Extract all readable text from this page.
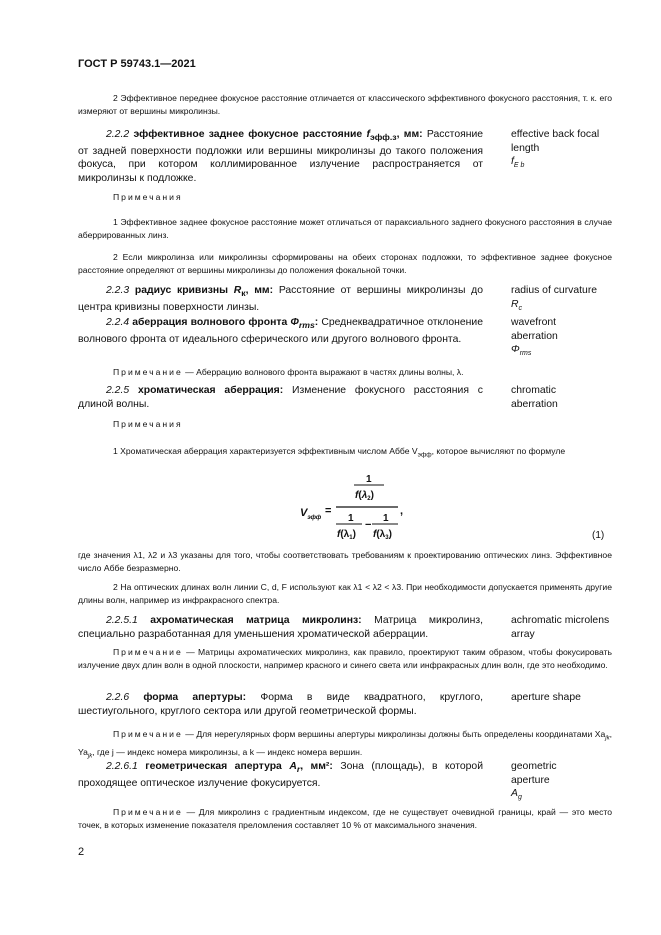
ГОСТ Р 59743.1—2021
2 Эффективное переднее фокусное расстояние отличается от классического эффективного фокусного расстояния, т. к. его измеряют от вершины микролинзы.
2.2.2 эффективное заднее фокусное расстояние $f_{эфф.з}$, мм: Расстояние от задней поверхности подложки или вершины микролинзы до такого положения фокуса, при котором коллимированное излучение распространяется от микролинзы к подложке.
effective back focal length
$f_{E b}$
Примечания
1 Эффективное заднее фокусное расстояние может отличаться от параксиального заднего фокусного расстояния в случае аберрированных линз.
2 Если микролинза или микролинзы сформированы на обеих сторонах подложки, то эффективное заднее фокусное расстояние определяют от вершины микролинзы до положения фокальной точки.
2.2.3 радиус кривизны $R_к$, мм: Расстояние от вершины микролинзы до центра кривизны поверхности линзы.
radius of curvature
$R_c$
2.2.4 аберрация волнового фронта $\Phi_{rms}$: Среднеквадратичное отклонение волнового фронта от идеального сферического или другого волнового фронта.
wavefront aberration
$\Phi_{rms}$
Примечание — Аберрацию волнового фронта выражают в частях длины волны, λ.
2.2.5 хроматическая аберрация: Изменение фокусного расстояния с длиной волны.
chromatic aberration
Примечания
1 Хроматическая аберрация характеризуется эффективным числом Аббе $V_{эфф}$, которое вычисляют по формуле
$V_{эфф}$
=
1
$f(\lambda_2)$
,
1
$f(\lambda_1)$
−
1
$f(\lambda_3)$	(1)
где значения λ1, λ2 и λ3 указаны для того, чтобы соответствовать требованиям к проектированию оптических линз. Эффективное число Аббе безразмерно.
2 На оптических длинах волн линии C, d, F используют как λ1 < λ2 < λ3. При необходимости допускается применять другие длины волн, например из инфракрасного спектра.
2.2.5.1 ахроматическая матрица микролинз: Матрица микролинз, специально разработанная для уменьшения хроматической аберрации.
achromatic microlens array
Примечание — Матрицы ахроматических микролинз, как правило, проектируют таким образом, чтобы фокусировать излучение двух длин волн в одной плоскости, например красного и синего света или инфракрасных длин волн, где это необходимо.
2.2.6 форма апертуры: Форма в виде квадратного, круглого, шестиугольного, круглого сектора или другой геометрической формы.
aperture shape
Примечание — Для нерегулярных форм вершины апертуры микролинзы должны быть определены координатами $Xa_{jk}$, $Ya_{jk}$, где j — индекс номера микролинзы, а k — индекс номера вершин.
2.2.6.1 геометрическая апертура $A_r$, мм²: Зона (площадь), в которой проходящее оптическое излучение фокусируется.
geometric aperture
$A_g$
Примечание — Для микролинз с градиентным индексом, где не существует очевидной границы, край — это место точек, в которых изменение показателя преломления составляет 10 % от максимального значения.
2
